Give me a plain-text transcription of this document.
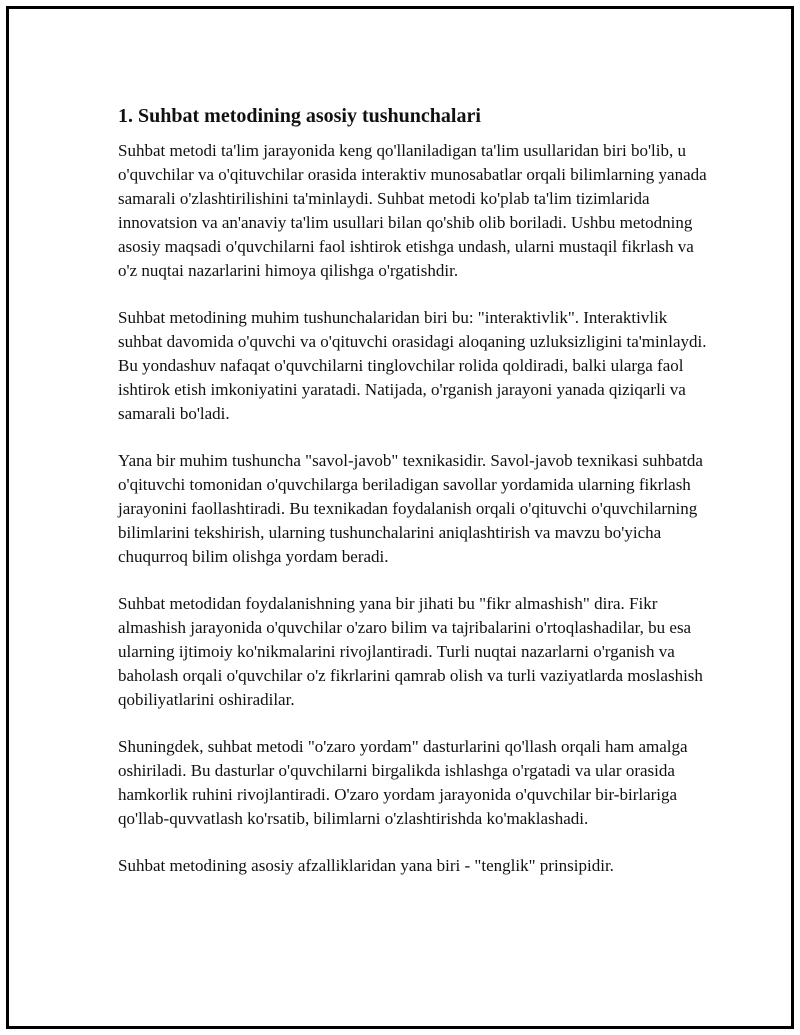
1. Suhbat metodining asosiy tushunchalari

Suhbat metodi ta'lim jarayonida keng qo'llaniladigan ta'lim usullaridan biri bo'lib, u o'quvchilar va o'qituvchilar orasida interaktiv munosabatlar orqali bilimlarning yanada samarali o'zlashtirilishini ta'minlaydi. Suhbat metodi ko'plab ta'lim tizimlarida innovatsion va an'anaviy ta'lim usullari bilan qo'shib olib boriladi. Ushbu metodning asosiy maqsadi o'quvchilarni faol ishtirok etishga undash, ularni mustaqil fikrlash va o'z nuqtai nazarlarini himoya qilishga o'rgatishdir.

Suhbat metodining muhim tushunchalaridan biri bu: "interaktivlik". Interaktivlik suhbat davomida o'quvchi va o'qituvchi orasidagi aloqaning uzluksizligini ta'minlaydi. Bu yondashuv nafaqat o'quvchilarni tinglovchilar rolida qoldiradi, balki ularga faol ishtirok etish imkoniyatini yaratadi. Natijada, o'rganish jarayoni yanada qiziqarli va samarali bo'ladi.

Yana bir muhim tushuncha "savol-javob" texnikasidir. Savol-javob texnikasi suhbatda o'qituvchi tomonidan o'quvchilarga beriladigan savollar yordamida ularning fikrlash jarayonini faollashtiradi. Bu texnikadan foydalanish orqali o'qituvchi o'quvchilarning bilimlarini tekshirish, ularning tushunchalarini aniqlashtirish va mavzu bo'yicha chuqurroq bilim olishga yordam beradi.

Suhbat metodidan foydalanishning yana bir jihati bu "fikr almashish" dira. Fikr almashish jarayonida o'quvchilar o'zaro bilim va tajribalarini o'rtoqlashadilar, bu esa ularning ijtimoiy ko'nikmalarini rivojlantiradi. Turli nuqtai nazarlarni o'rganish va baholash orqali o'quvchilar o'z fikrlarini qamrab olish va turli vaziyatlarda moslashish qobiliyatlarini oshiradilar.

Shuningdek, suhbat metodi "o'zaro yordam" dasturlarini qo'llash orqali ham amalga oshiriladi. Bu dasturlar o'quvchilarni birgalikda ishlashga o'rgatadi va ular orasida hamkorlik ruhini rivojlantiradi. O'zaro yordam jarayonida o'quvchilar bir-birlariga qo'llab-quvvatlash ko'rsatib, bilimlarni o'zlashtirishda ko'maklashadi.

Suhbat metodining asosiy afzalliklaridan yana biri - "tenglik" prinsipidir.
